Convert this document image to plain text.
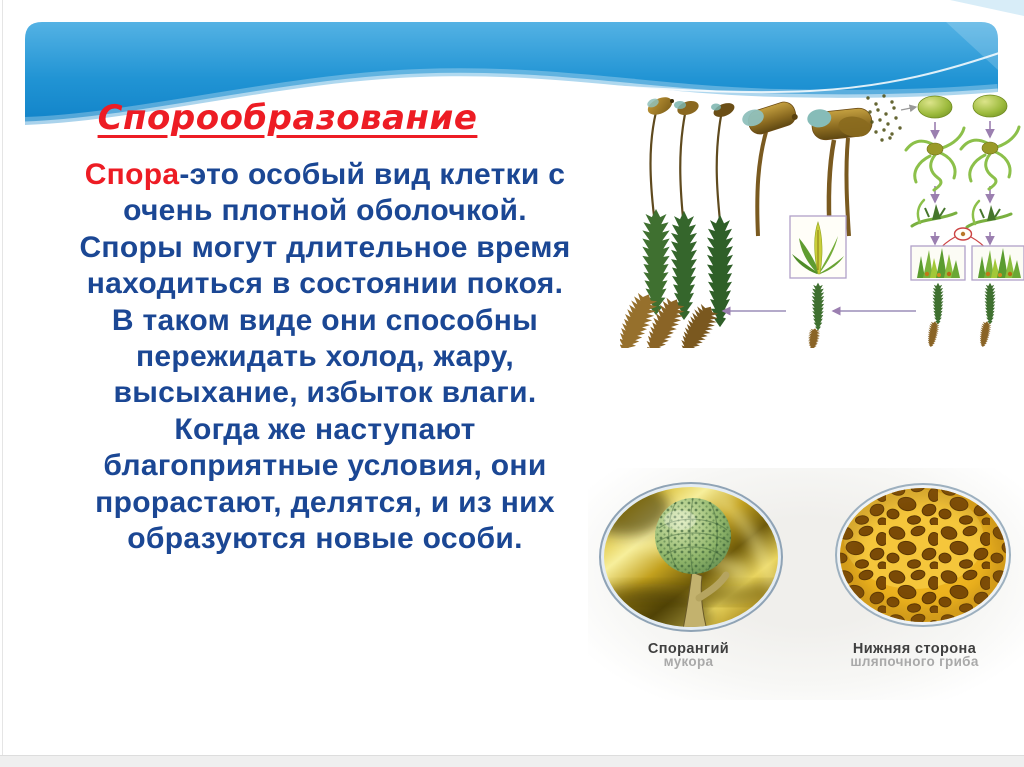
Спорообразование
Спора-это особый вид клетки с
очень плотной оболочкой.
Споры могут длительное время
находиться в состоянии покоя.
В таком виде они способны
пережидать холод, жару,
высыхание, избыток влаги.
Когда же наступают
благоприятные условия, они
прорастают, делятся, и из них
образуются новые особи.
Спорангий
мукора
Нижняя сторона
шляпочного гриба
